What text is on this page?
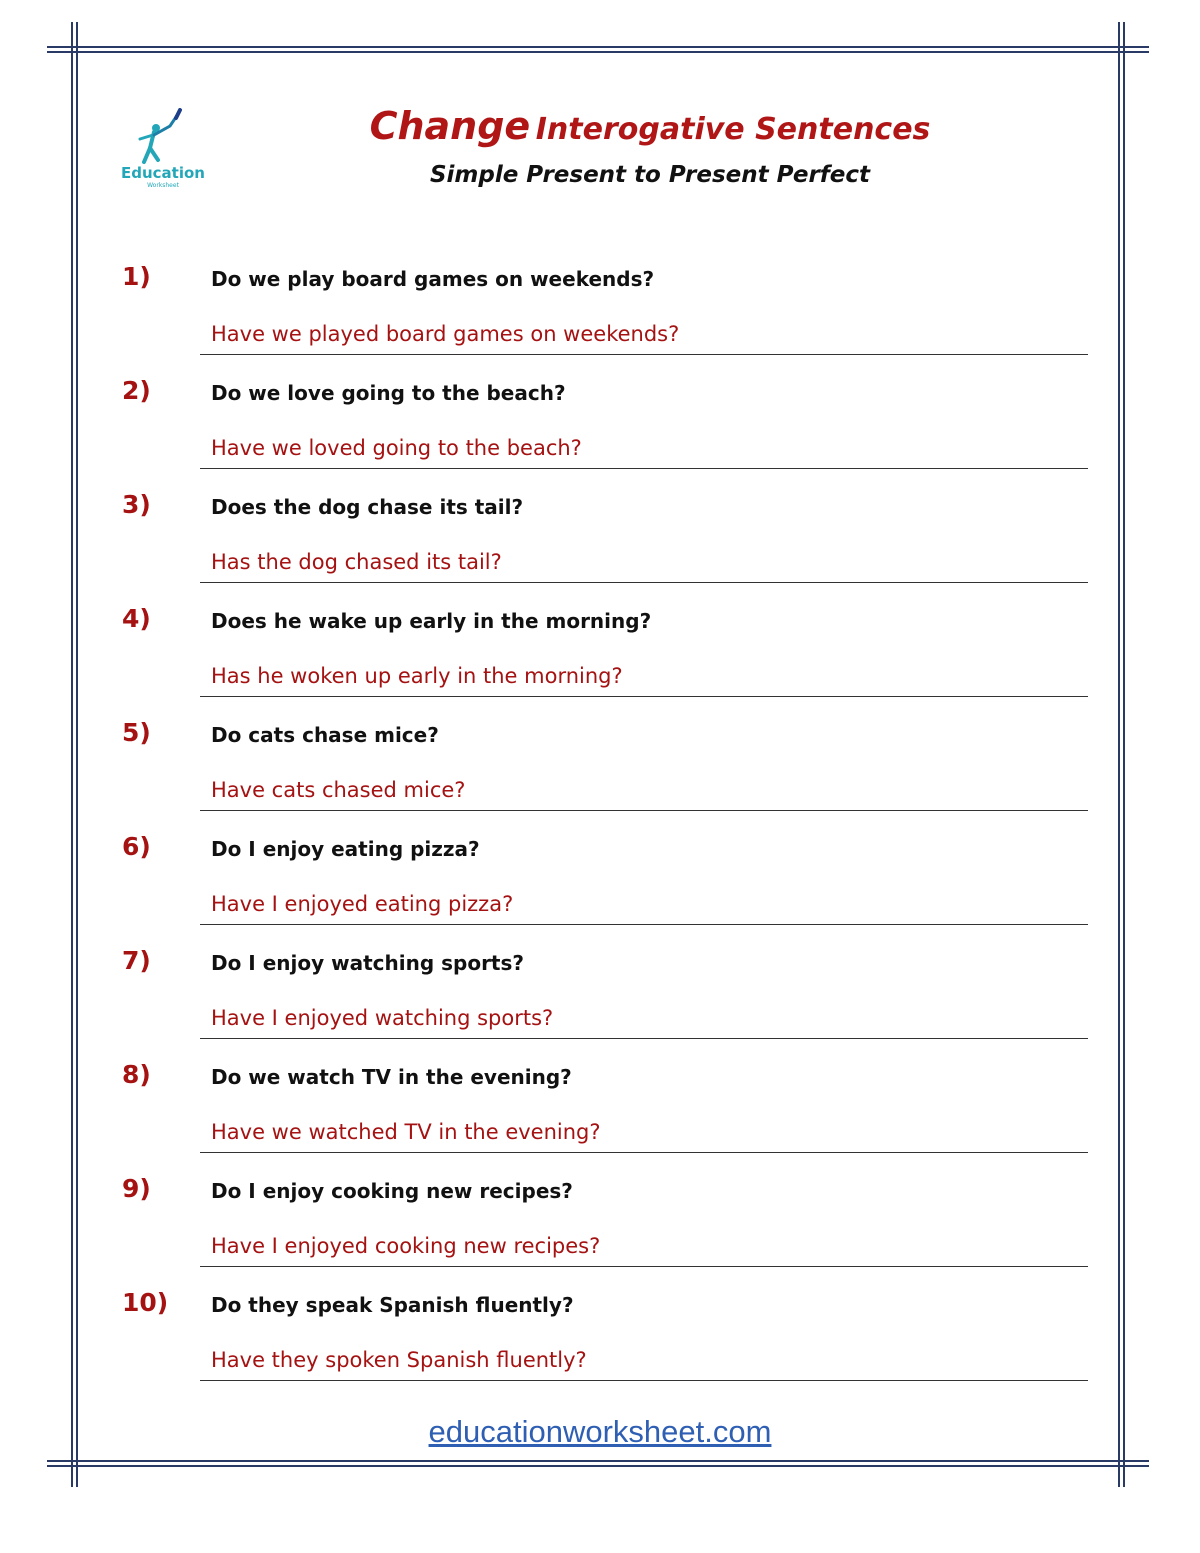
Education
Worksheet
Change Interogative Sentences
Simple Present to Present Perfect
1)	Do we play board games on weekends?
Have we played board games on weekends?
2)	Do we love going to the beach?
Have we loved going to the beach?
3)	Does the dog chase its tail?
Has the dog chased its tail?
4)	Does he wake up early in the morning?
Has he woken up early in the morning?
5)	Do cats chase mice?
Have cats chased mice?
6)	Do I enjoy eating pizza?
Have I enjoyed eating pizza?
7)	Do I enjoy watching sports?
Have I enjoyed watching sports?
8)	Do we watch TV in the evening?
Have we watched TV in the evening?
9)	Do I enjoy cooking new recipes?
Have I enjoyed cooking new recipes?
10) Do they speak Spanish fluently?
Have they spoken Spanish fluently?
educationworksheet.com
